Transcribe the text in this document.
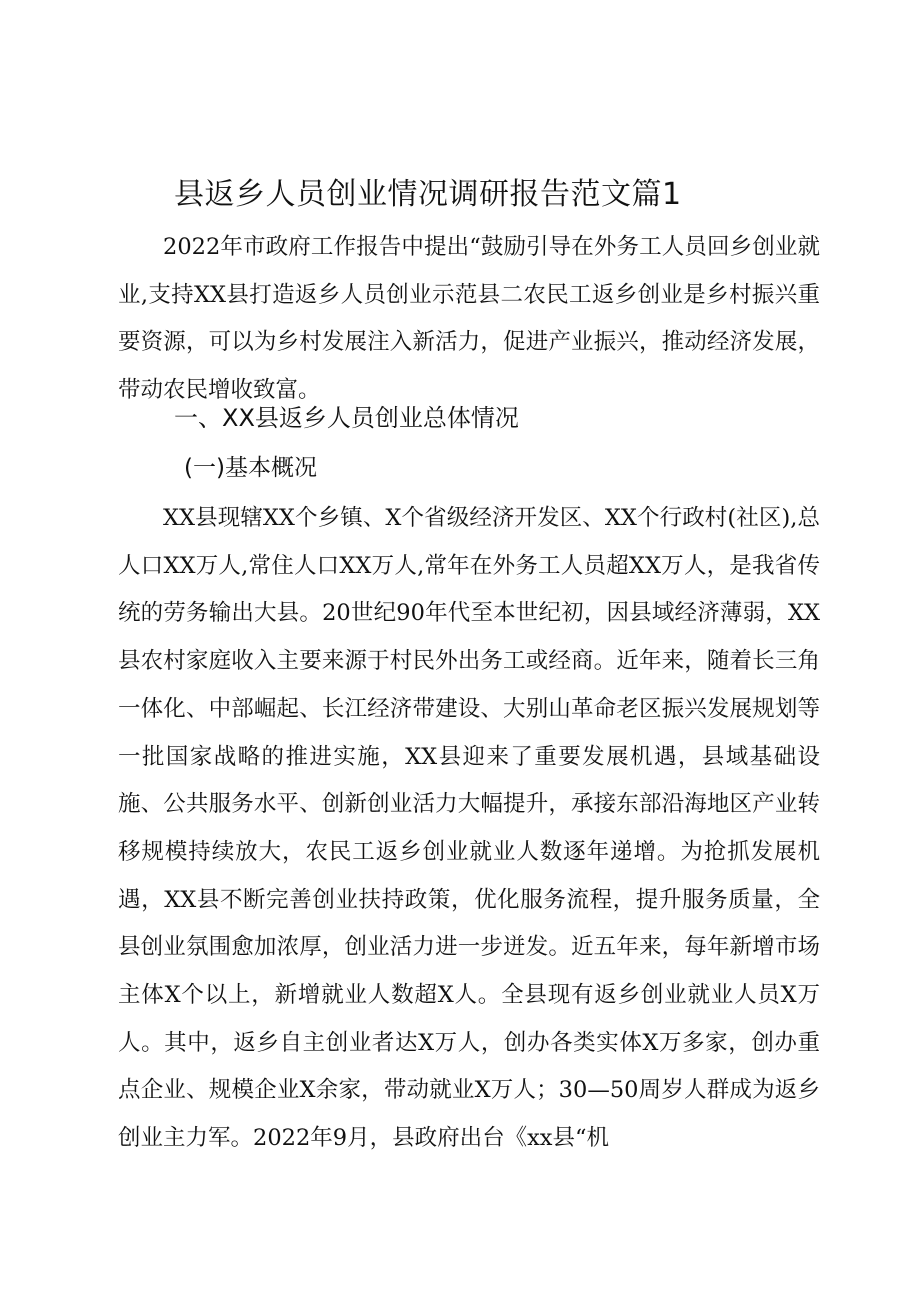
县返乡人员创业情况调研报告范文篇1
2022年市政府工作报告中提出“鼓励引导在外务工人员回乡创业就业,支持XX县打造返乡人员创业示范县二农民工返乡创业是乡村振兴重要资源，可以为乡村发展注入新活力，促进产业振兴，推动经济发展，带动农民增收致富。
一、XX县返乡人员创业总体情况
(一)基本概况
XX县现辖XX个乡镇、X个省级经济开发区、XX个行政村(社区),总人口XX万人,常住人口XX万人,常年在外务工人员超XX万人，是我省传统的劳务输出大县。20世纪90年代至本世纪初，因县域经济薄弱，XX县农村家庭收入主要来源于村民外出务工或经商。近年来，随着长三角一体化、中部崛起、长江经济带建设、大别山革命老区振兴发展规划等一批国家战略的推进实施，XX县迎来了重要发展机遇，县域基础设施、公共服务水平、创新创业活力大幅提升，承接东部沿海地区产业转移规模持续放大，农民工返乡创业就业人数逐年递增。为抢抓发展机遇，XX县不断完善创业扶持政策，优化服务流程，提升服务质量，全县创业氛围愈加浓厚，创业活力进一步迸发。近五年来，每年新增市场主体X个以上，新增就业人数超X人。全县现有返乡创业就业人员X万人。其中，返乡自主创业者达X万人，创办各类实体X万多家，创办重点企业、规模企业X余家，带动就业X万人；30—50周岁人群成为返乡创业主力军。2022年9月，县政府出台《xx县“机
